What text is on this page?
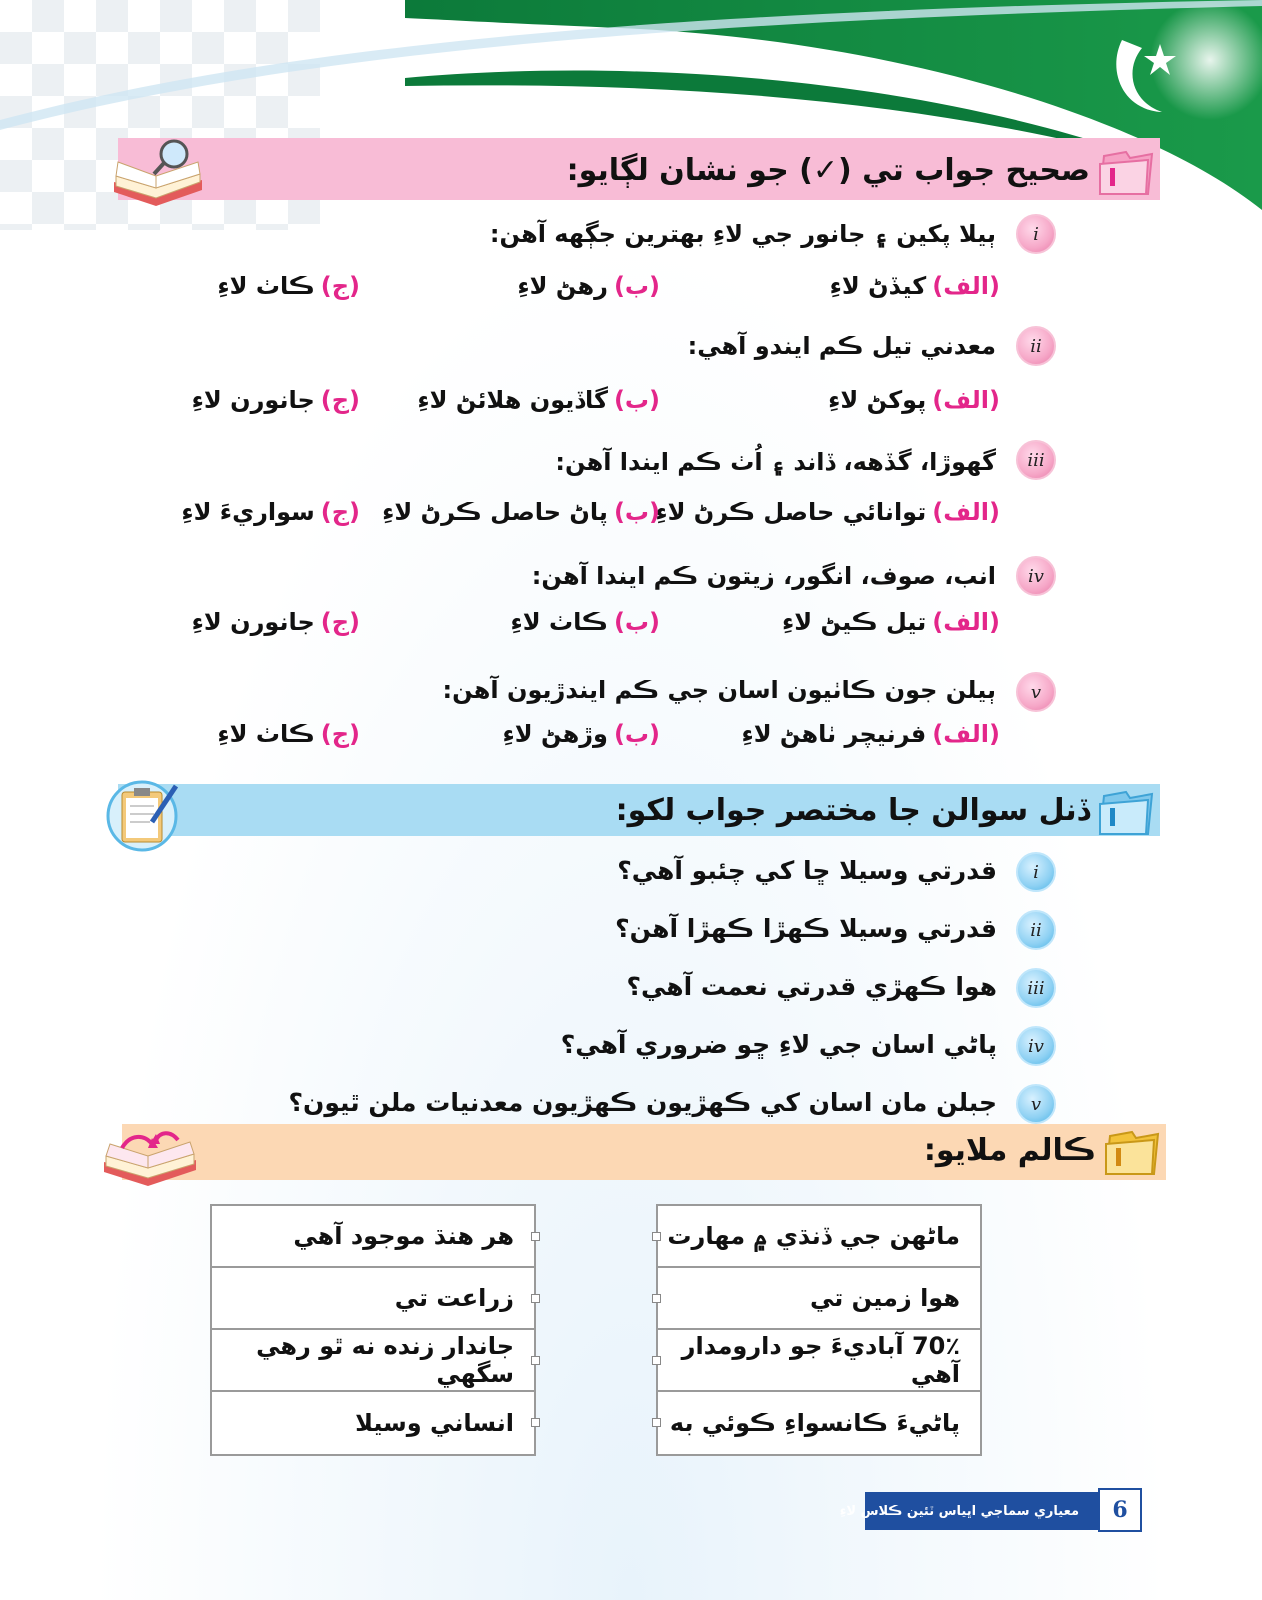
صحيح جواب تي (✓) جو نشان لڳايو:
i
ٻيلا پکين ۽ جانور جي لاءِ بهترين جڳهه آهن:
(الف)کيڏڻ لاءِ
(ب)رهڻ لاءِ
(ج)ڪاٺ لاءِ
ii
معدني تيل ڪم ايندو آهي:
(الف)پوکڻ لاءِ
(ب)گاڏيون هلائڻ لاءِ
(ج)جانورن لاءِ
iii
گهوڙا، گڏهه، ڏاند ۽ اُٺ ڪم ايندا آهن:
(الف)توانائي حاصل ڪرڻ لاءِ
(ب)پاڻ حاصل ڪرڻ لاءِ
(ج)سواريءَ لاءِ
iv
انب، صوف، انگور، زيتون ڪم ايندا آهن:
(الف)تيل ڪيڻ لاءِ
(ب)ڪاٺ لاءِ
(ج)جانورن لاءِ
v
ٻيلن جون ڪاٺيون اسان جي ڪم ايندڙيون آهن:
(الف)فرنيچر ٺاهڻ لاءِ
(ب)وڙهڻ لاءِ
(ج)ڪاٺ لاءِ
ڏنل سوالن جا مختصر جواب لکو:
i
قدرتي وسيلا ڇا کي چئبو آهي؟
ii
قدرتي وسيلا ڪهڙا ڪهڙا آهن؟
iii
هوا ڪهڙي قدرتي نعمت آهي؟
iv
پاڻي اسان جي لاءِ ڇو ضروري آهي؟
v
جبلن مان اسان کي ڪهڙيون ڪهڙيون معدنيات ملن ٿيون؟
ڪالم ملايو:
ماڻهن جي ڏنڌي ۾ مهارت
هوا زمين تي
70٪ آباديءَ جو دارومدار آهي
پاڻيءَ ڪانسواءِ ڪوئي به
هر هنڌ موجود آهي
زراعت تي
جاندار زنده نه ٿو رهي سگهي
انساني وسيلا
معياري سماجي اڀياس ٽئين ڪلاس لاءِ	6
